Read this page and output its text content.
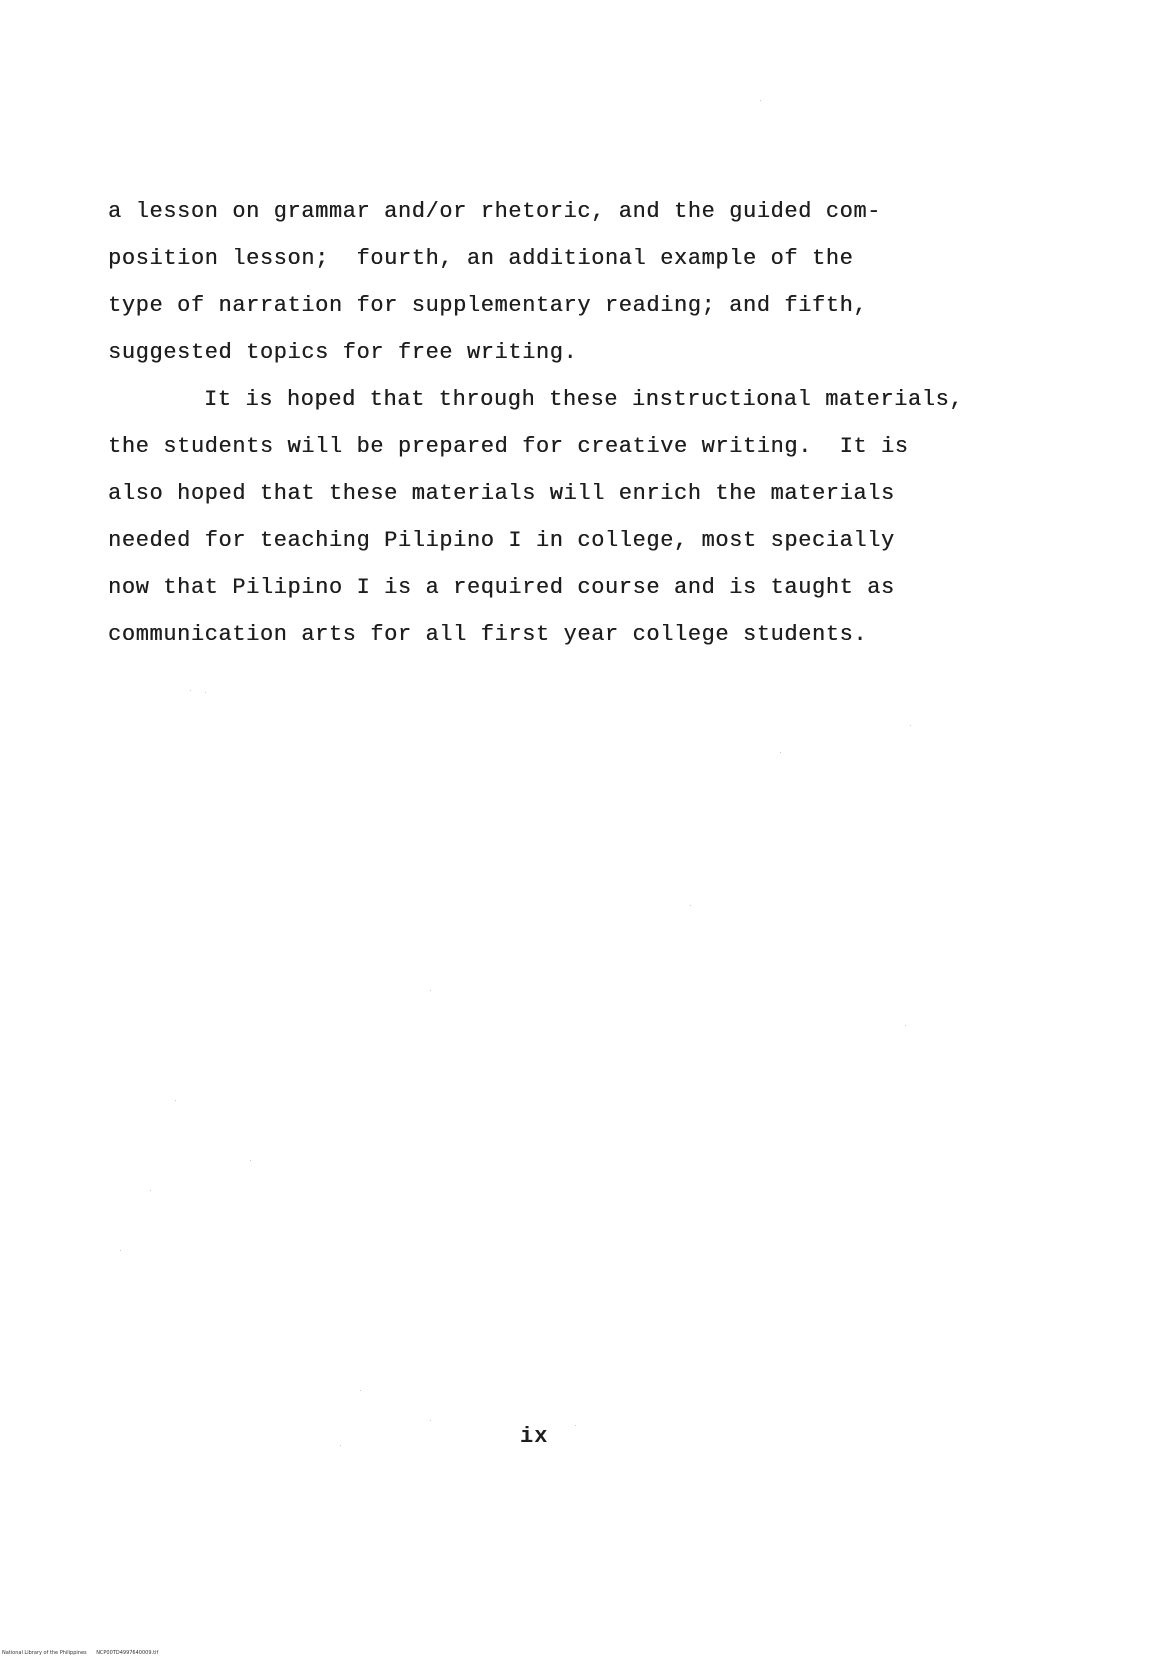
a lesson on grammar and/or rhetoric, and the guided com-
position lesson;  fourth, an additional example of the
type of narration for supplementary reading; and fifth,
suggested topics for free writing.
It is hoped that through these instructional materials,
the students will be prepared for creative writing.  It is
also hoped that these materials will enrich the materials
needed for teaching Pilipino I in college, most specially
now that Pilipino I is a required course and is taught as
communication arts for all first year college students.
ix
National Library of the Philippines NCP00TD4997640009.tif
